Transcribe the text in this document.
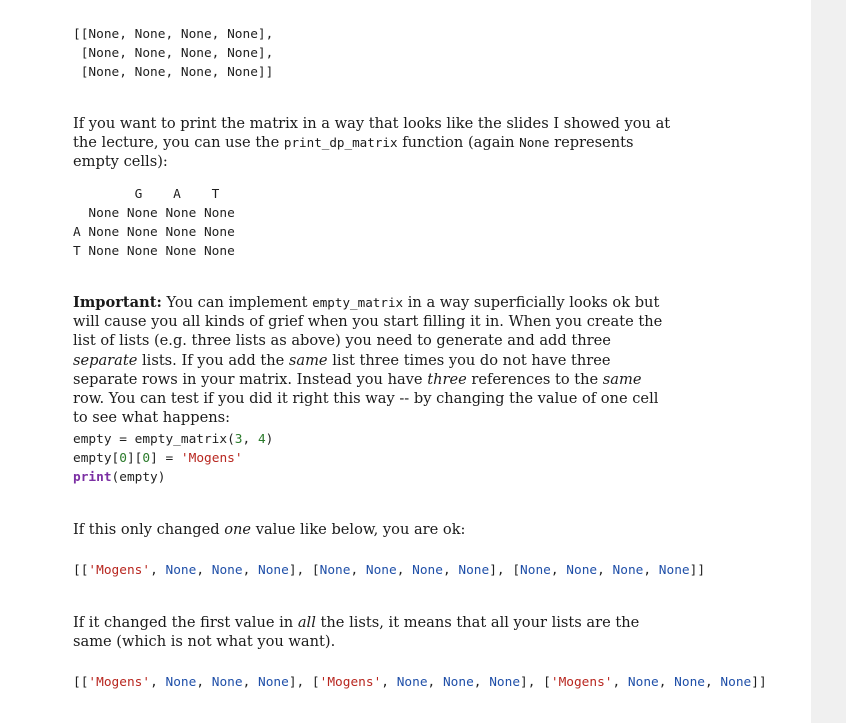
[[None, None, None, None],
[None, None, None, None],
[None, None, None, None]]

If you want to print the matrix in a way that looks like the slides I showed you at the lecture, you can use the print_dp_matrix function (again None represents empty cells):

G    A    T
None None None None
A None None None None
T None None None None

Important: You can implement empty_matrix in a way superficially looks ok but will cause you all kinds of grief when you start filling it in. When you create the list of lists (e.g. three lists as above) you need to generate and add three separate lists. If you add the same list three times you do not have three separate rows in your matrix. Instead you have three references to the same row. You can test if you did it right this way -- by changing the value of one cell to see what happens:

empty = empty_matrix(3, 4)
empty[0][0] = 'Mogens'
print(empty)

If this only changed one value like below, you are ok:

[['Mogens', None, None, None], [None, None, None, None], [None, None, None, None]]

If it changed the first value in all the lists, it means that all your lists are the same (which is not what you want).

[['Mogens', None, None, None], ['Mogens', None, None, None], ['Mogens', None, None, None]]
